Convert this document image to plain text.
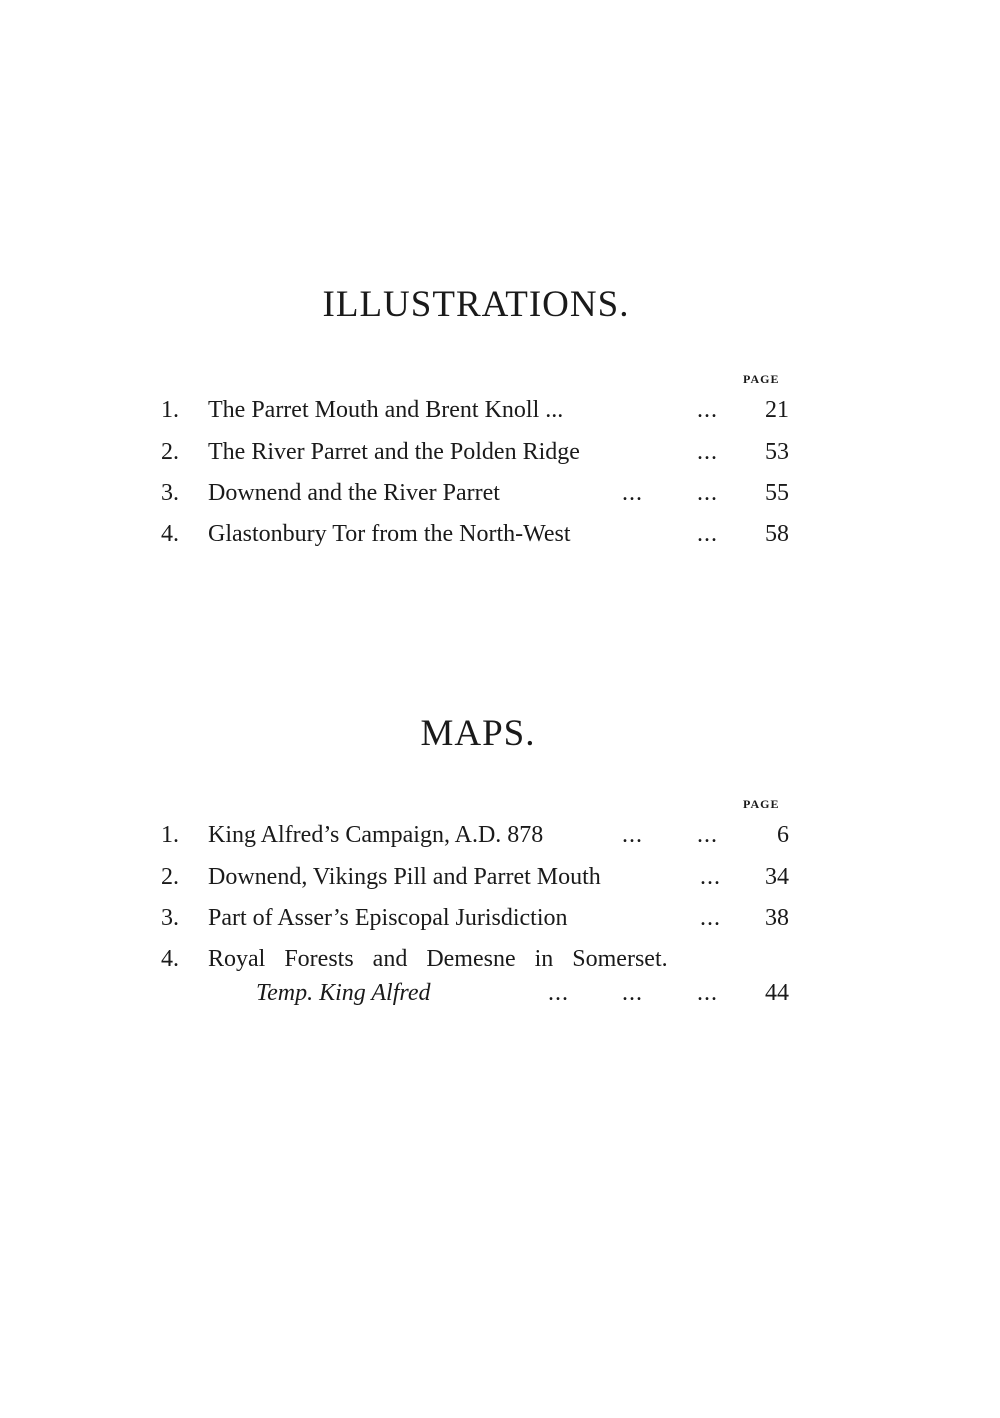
ILLUSTRATIONS.
PAGE
1. The Parret Mouth and Brent Knoll ...	... 21
2. The River Parret and the Polden Ridge	... 53
3. Downend and the River Parret	... ... 55
4. Glastonbury Tor from the North-West	... 58
MAPS.
PAGE
1. King Alfred’s Campaign, A.D. 878	... ... 6
2. Downend, Vikings Pill and Parret Mouth	... 34
3. Part of Asser’s Episcopal Jurisdiction	... 38
4. Royal Forests and Demesne in Somerset.
Temp. King Alfred	... ... ... 44
